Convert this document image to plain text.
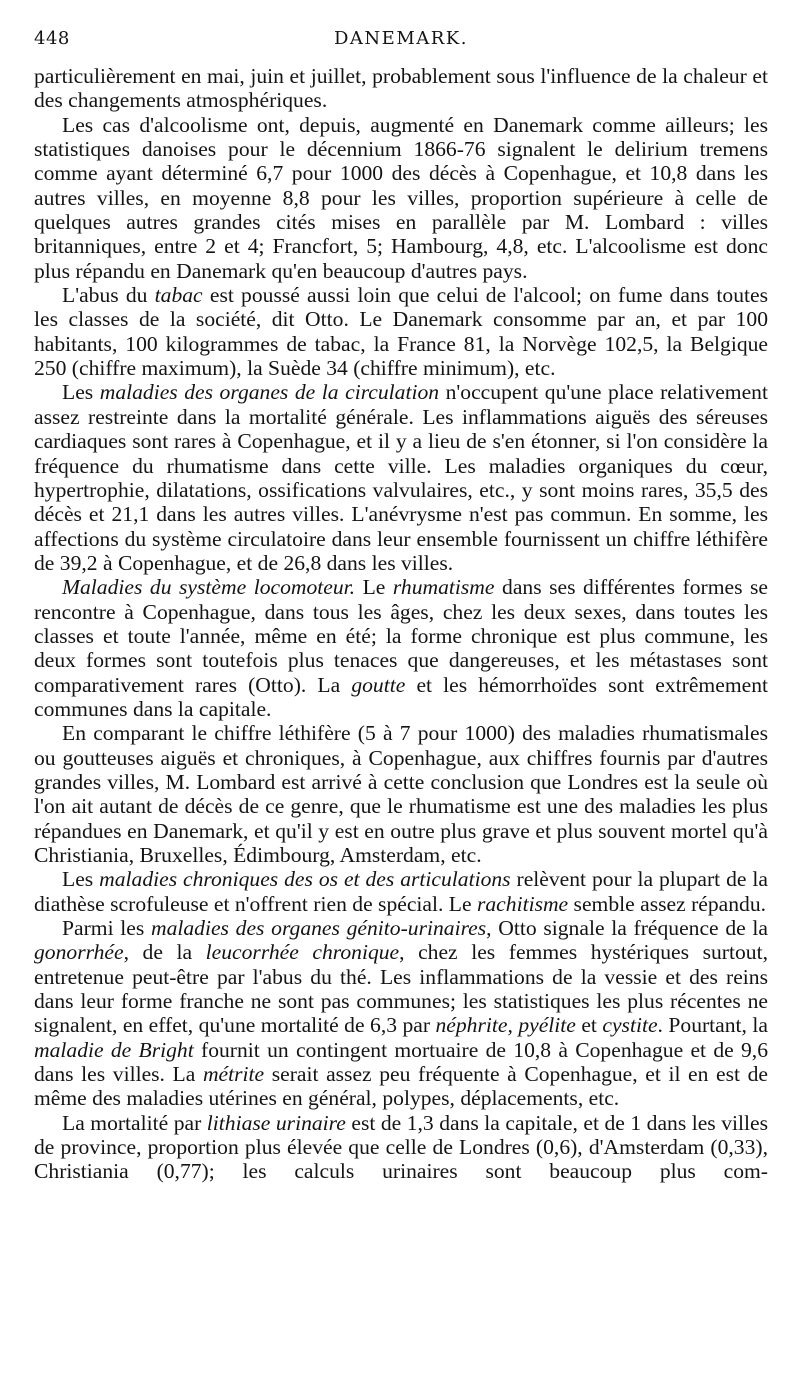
448	DANEMARK.

particulièrement en mai, juin et juillet, probablement sous l'influence de la chaleur et des changements atmosphériques.

Les cas d'alcoolisme ont, depuis, augmenté en Danemark comme ailleurs; les statistiques danoises pour le décennium 1866-76 signalent le delirium tremens comme ayant déterminé 6,7 pour 1000 des décès à Copenhague, et 10,8 dans les autres villes, en moyenne 8,8 pour les villes, proportion supérieure à celle de quelques autres grandes cités mises en parallèle par M. Lombard : villes britanniques, entre 2 et 4; Francfort, 5; Hambourg, 4,8, etc. L'alcoolisme est donc plus répandu en Danemark qu'en beaucoup d'autres pays.

L'abus du tabac est poussé aussi loin que celui de l'alcool; on fume dans toutes les classes de la société, dit Otto. Le Danemark consomme par an, et par 100 habitants, 100 kilogrammes de tabac, la France 81, la Norvège 102,5, la Belgique 250 (chiffre maximum), la Suède 34 (chiffre minimum), etc.

Les maladies des organes de la circulation n'occupent qu'une place relativement assez restreinte dans la mortalité générale. Les inflammations aiguës des séreuses cardiaques sont rares à Copenhague, et il y a lieu de s'en étonner, si l'on considère la fréquence du rhumatisme dans cette ville. Les maladies organiques du cœur, hypertrophie, dilatations, ossifications valvulaires, etc., y sont moins rares, 35,5 des décès et 21,1 dans les autres villes. L'anévrysme n'est pas commun. En somme, les affections du système circulatoire dans leur ensemble fournissent un chiffre léthifère de 39,2 à Copenhague, et de 26,8 dans les villes.

Maladies du système locomoteur. Le rhumatisme dans ses différentes formes se rencontre à Copenhague, dans tous les âges, chez les deux sexes, dans toutes les classes et toute l'année, même en été; la forme chronique est plus commune, les deux formes sont toutefois plus tenaces que dangereuses, et les métastases sont comparativement rares (Otto). La goutte et les hémorrhoïdes sont extrêmement communes dans la capitale.

En comparant le chiffre léthifère (5 à 7 pour 1000) des maladies rhumatismales ou goutteuses aiguës et chroniques, à Copenhague, aux chiffres fournis par d'autres grandes villes, M. Lombard est arrivé à cette conclusion que Londres est la seule où l'on ait autant de décès de ce genre, que le rhumatisme est une des maladies les plus répandues en Danemark, et qu'il y est en outre plus grave et plus souvent mortel qu'à Christiania, Bruxelles, Édimbourg, Amsterdam, etc.

Les maladies chroniques des os et des articulations relèvent pour la plupart de la diathèse scrofuleuse et n'offrent rien de spécial. Le rachitisme semble assez répandu.

Parmi les maladies des organes génito-urinaires, Otto signale la fréquence de la gonorrhée, de la leucorrhée chronique, chez les femmes hystériques surtout, entretenue peut-être par l'abus du thé. Les inflammations de la vessie et des reins dans leur forme franche ne sont pas communes; les statistiques les plus récentes ne signalent, en effet, qu'une mortalité de 6,3 par néphrite, pyélite et cystite. Pourtant, la maladie de Bright fournit un contingent mortuaire de 10,8 à Copenhague et de 9,6 dans les villes. La métrite serait assez peu fréquente à Copenhague, et il en est de même des maladies utérines en général, polypes, déplacements, etc.

La mortalité par lithiase urinaire est de 1,3 dans la capitale, et de 1 dans les villes de province, proportion plus élevée que celle de Londres (0,6), d'Amsterdam (0,33), Christiania (0,77); les calculs urinaires sont beaucoup plus com-
